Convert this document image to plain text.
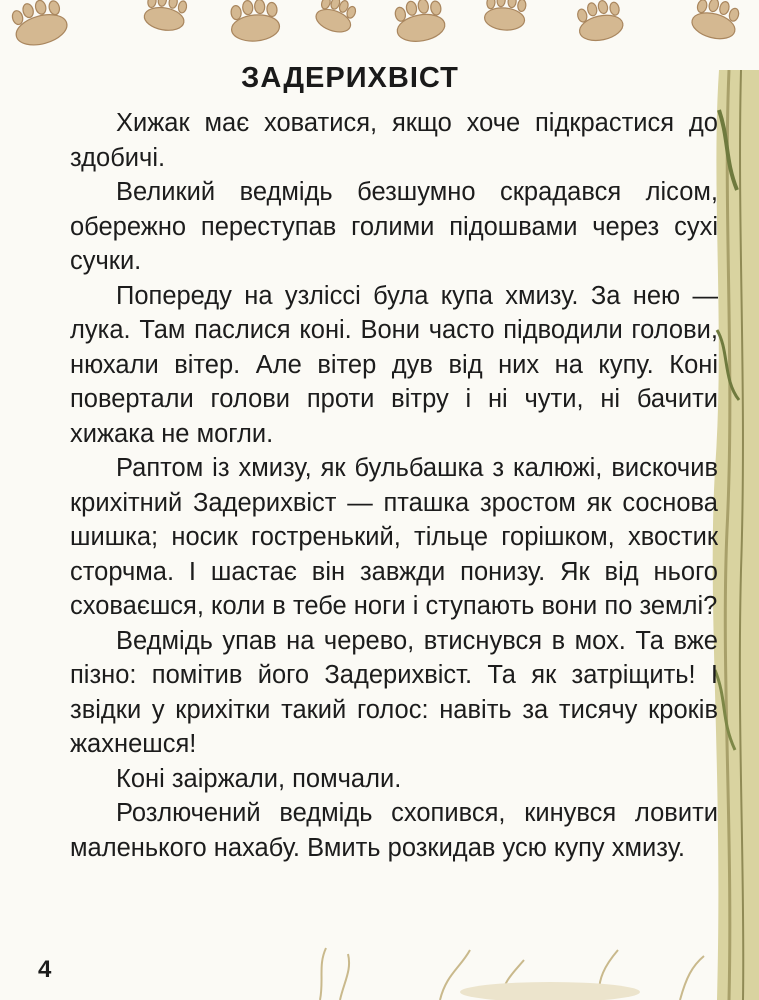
ЗАДЕРИХВІСТ

Хижак має ховатися, якщо хоче підкрастися до здобичі.

Великий ведмідь безшумно скрадався лісом, обережно переступав голими підошвами через сухі сучки.

Попереду на узліссі була купа хмизу. За нею — лука. Там паслися коні. Вони часто підводили голови, нюхали вітер. Але вітер дув від них на купу. Коні повертали голови проти вітру і ні чути, ні бачити хижака не могли.

Раптом із хмизу, як бульбашка з калюжі, вискочив крихітний Задерихвіст — пташка зростом як соснова шишка; носик гостренький, тільце горішком, хвостик сторчма. І шастає він завжди понизу. Як від нього сховаєшся, коли в тебе ноги і ступають вони по землі?

Ведмідь упав на черево, втиснувся в мох. Та вже пізно: помітив його Задерихвіст. Та як затріщить! І звідки у крихітки такий голос: навіть за тисячу кроків жахнешся!

Коні заіржали, помчали.

Розлючений ведмідь схопився, кинувся ловити маленького нахабу. Вмить розкидав усю купу хмизу.

4
